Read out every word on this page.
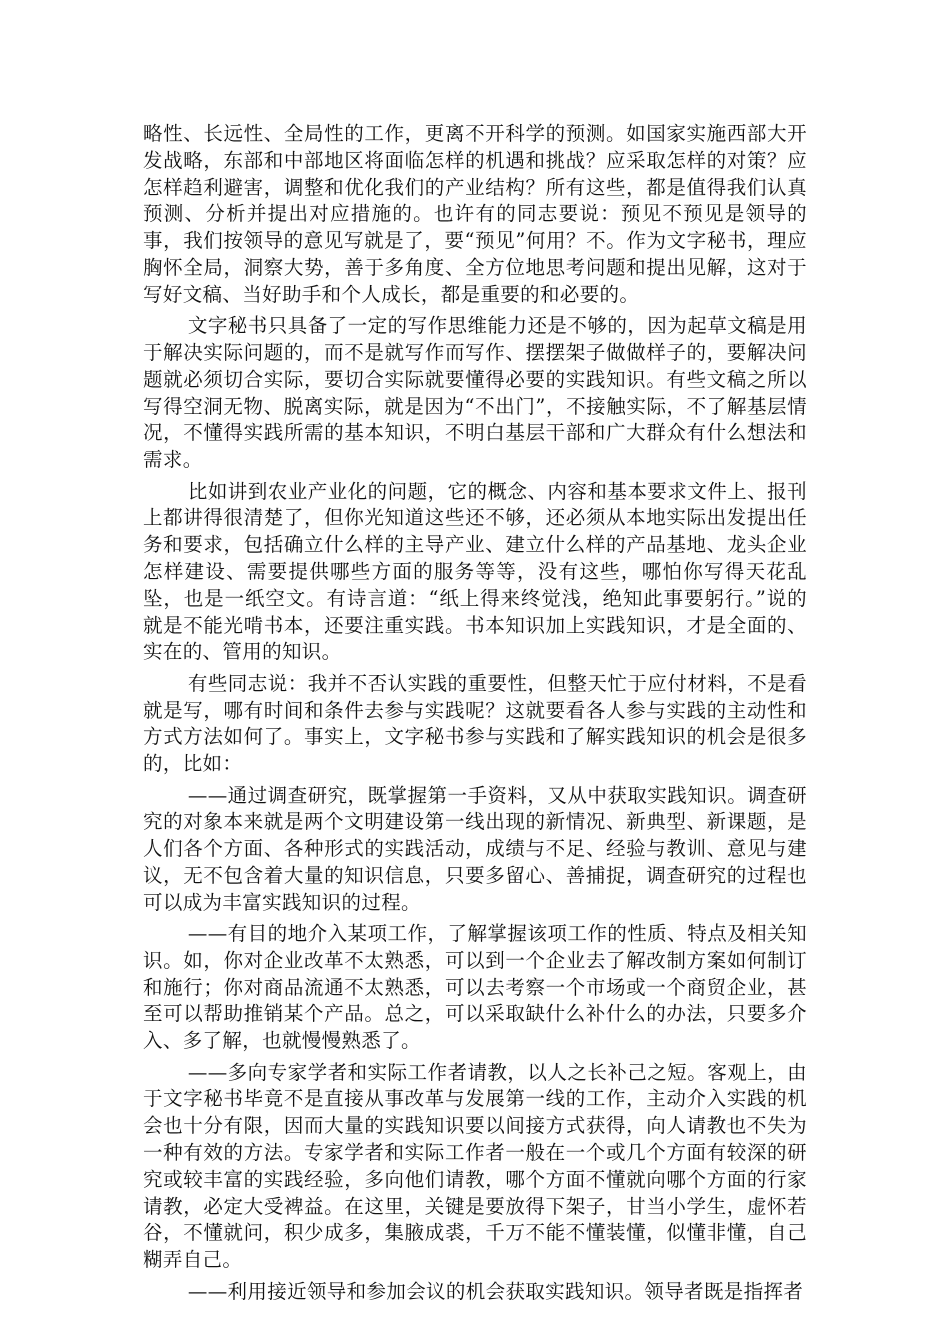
略性、长远性、全局性的工作，更离不开科学的预测。如国家实施西部大开发战略，东部和中部地区将面临怎样的机遇和挑战？应采取怎样的对策？应怎样趋利避害，调整和优化我们的产业结构？所有这些，都是值得我们认真预测、分析并提出对应措施的。也许有的同志要说：预见不预见是领导的事，我们按领导的意见写就是了，要“预见”何用？不。作为文字秘书，理应胸怀全局，洞察大势，善于多角度、全方位地思考问题和提出见解，这对于写好文稿、当好助手和个人成长，都是重要的和必要的。

文字秘书只具备了一定的写作思维能力还是不够的，因为起草文稿是用于解决实际问题的，而不是就写作而写作、摆摆架子做做样子的，要解决问题就必须切合实际，要切合实际就要懂得必要的实践知识。有些文稿之所以写得空洞无物、脱离实际，就是因为“不出门”，不接触实际，不了解基层情况，不懂得实践所需的基本知识，不明白基层干部和广大群众有什么想法和需求。

比如讲到农业产业化的问题，它的概念、内容和基本要求文件上、报刊上都讲得很清楚了，但你光知道这些还不够，还必须从本地实际出发提出任务和要求，包括确立什么样的主导产业、建立什么样的产品基地、龙头企业怎样建设、需要提供哪些方面的服务等等，没有这些，哪怕你写得天花乱坠，也是一纸空文。有诗言道：“纸上得来终觉浅，绝知此事要躬行。”说的就是不能光啃书本，还要注重实践。书本知识加上实践知识，才是全面的、实在的、管用的知识。

有些同志说：我并不否认实践的重要性，但整天忙于应付材料，不是看就是写，哪有时间和条件去参与实践呢？这就要看各人参与实践的主动性和方式方法如何了。事实上，文字秘书参与实践和了解实践知识的机会是很多的，比如：

——通过调查研究，既掌握第一手资料，又从中获取实践知识。调查研究的对象本来就是两个文明建设第一线出现的新情况、新典型、新课题，是人们各个方面、各种形式的实践活动，成绩与不足、经验与教训、意见与建议，无不包含着大量的知识信息，只要多留心、善捕捉，调查研究的过程也可以成为丰富实践知识的过程。

——有目的地介入某项工作，了解掌握该项工作的性质、特点及相关知识。如，你对企业改革不太熟悉，可以到一个企业去了解改制方案如何制订和施行；你对商品流通不太熟悉，可以去考察一个市场或一个商贸企业，甚至可以帮助推销某个产品。总之，可以采取缺什么补什么的办法，只要多介入、多了解，也就慢慢熟悉了。

——多向专家学者和实际工作者请教，以人之长补己之短。客观上，由于文字秘书毕竟不是直接从事改革与发展第一线的工作，主动介入实践的机会也十分有限，因而大量的实践知识要以间接方式获得，向人请教也不失为一种有效的方法。专家学者和实际工作者一般在一个或几个方面有较深的研究或较丰富的实践经验，多向他们请教，哪个方面不懂就向哪个方面的行家请教，必定大受裨益。在这里，关键是要放得下架子，甘当小学生，虚怀若谷，不懂就问，积少成多，集腋成裘，千万不能不懂装懂，似懂非懂，自己糊弄自己。

——利用接近领导和参加会议的机会获取实践知识。领导者既是指挥者
